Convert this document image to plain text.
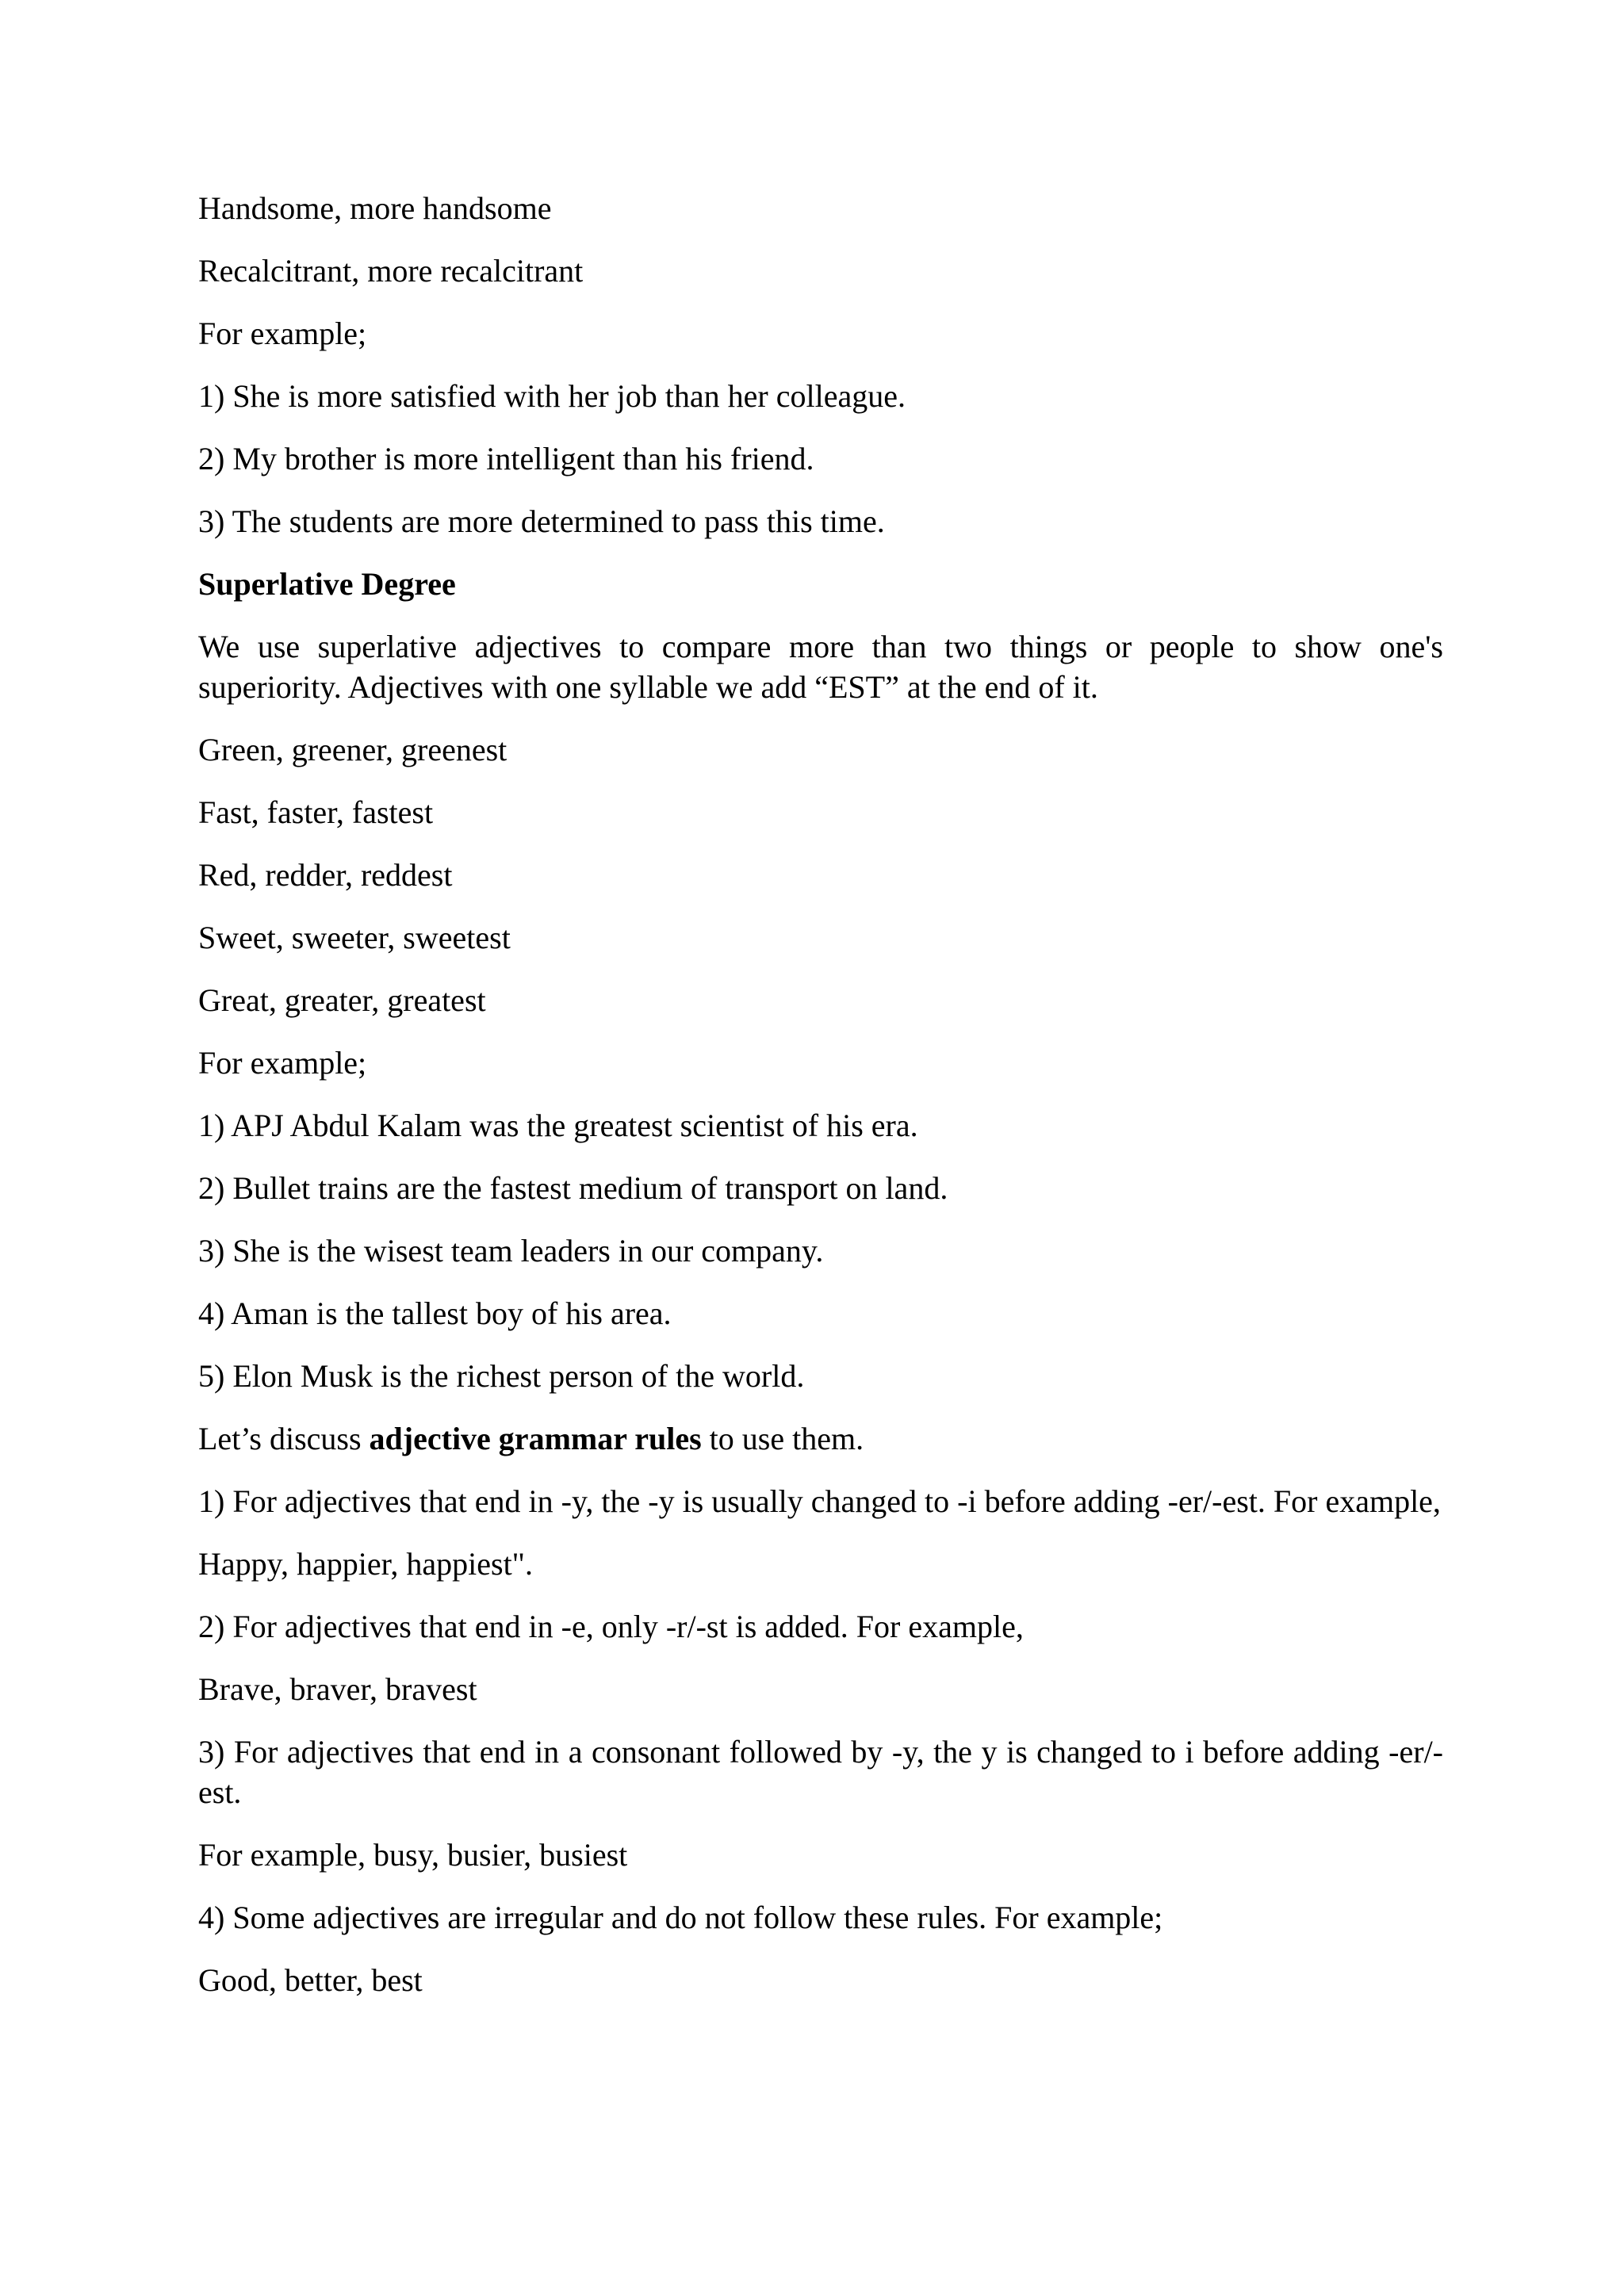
Handsome, more handsome

Recalcitrant, more recalcitrant

For example;

1) She is more satisfied with her job than her colleague.

2) My brother is more intelligent than his friend.

3) The students are more determined to pass this time.

Superlative Degree

We use superlative adjectives to compare more than two things or people to show one's superiority. Adjectives with one syllable we add “EST” at the end of it.

Green, greener, greenest

Fast, faster, fastest

Red, redder, reddest

Sweet, sweeter, sweetest

Great, greater, greatest

For example;

1) APJ Abdul Kalam was the greatest scientist of his era.

2) Bullet trains are the fastest medium of transport on land.

3) She is the wisest team leaders in our company.

4) Aman is the tallest boy of his area.

5) Elon Musk is the richest person of the world.

Let’s discuss adjective grammar rules to use them.

1) For adjectives that end in -y, the -y is usually changed to -i before adding -er/-est. For example,

Happy, happier, happiest".

2) For adjectives that end in -e, only -r/-st is added. For example,

Brave, braver, bravest

3) For adjectives that end in a consonant followed by -y, the y is changed to i before adding -er/-est.

For example, busy, busier, busiest

4) Some adjectives are irregular and do not follow these rules. For example;

Good, better, best
